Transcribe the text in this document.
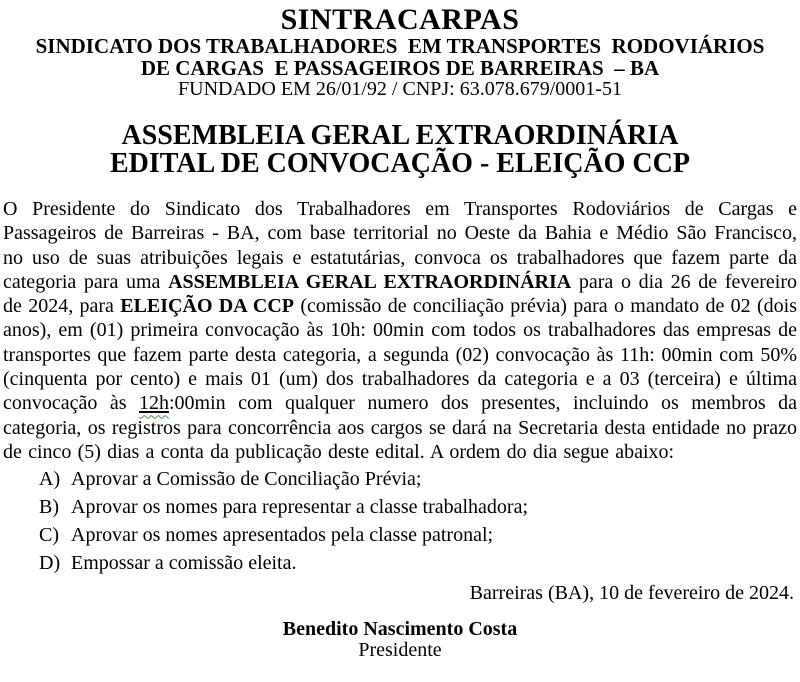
SINTRACARPAS
SINDICATO DOS TRABALHADORES  EM TRANSPORTES  RODOVIÁRIOS
DE CARGAS  E PASSAGEIROS DE BARREIRAS  – BA
FUNDADO EM 26/01/92 / CNPJ: 63.078.679/0001-51
ASSEMBLEIA GERAL EXTRAORDINÁRIA
EDITAL DE CONVOCAÇÃO - ELEIÇÃO CCP

O Presidente do Sindicato dos Trabalhadores em Transportes Rodoviários de Cargas e Passageiros de Barreiras - BA, com base territorial no Oeste da Bahia e Médio São Francisco, no uso de suas atribuições legais e estatutárias, convoca os trabalhadores que fazem parte da categoria para uma ASSEMBLEIA GERAL EXTRAORDINÁRIA para o dia 26 de fevereiro de 2024, para ELEIÇÃO DA CCP (comissão de conciliação prévia) para o mandato de 02 (dois anos), em (01) primeira convocação às 10h: 00min com todos os trabalhadores das empresas de transportes que fazem parte desta categoria, a segunda (02) convocação às 11h: 00min com 50% (cinquenta por cento) e mais 01 (um) dos trabalhadores da categoria e a 03 (terceira) e última convocação às 12h:00min com qualquer numero dos presentes, incluindo os membros da categoria, os registros para concorrência aos cargos se dará na Secretaria desta entidade no prazo de cinco (5) dias a conta da publicação deste edital. A ordem do dia segue abaixo:

A) Aprovar a Comissão de Conciliação Prévia;
B) Aprovar os nomes para representar a classe trabalhadora;
C) Aprovar os nomes apresentados pela classe patronal;
D) Empossar a comissão eleita.
Barreiras (BA), 10 de fevereiro de 2024.
Benedito Nascimento Costa
Presidente
